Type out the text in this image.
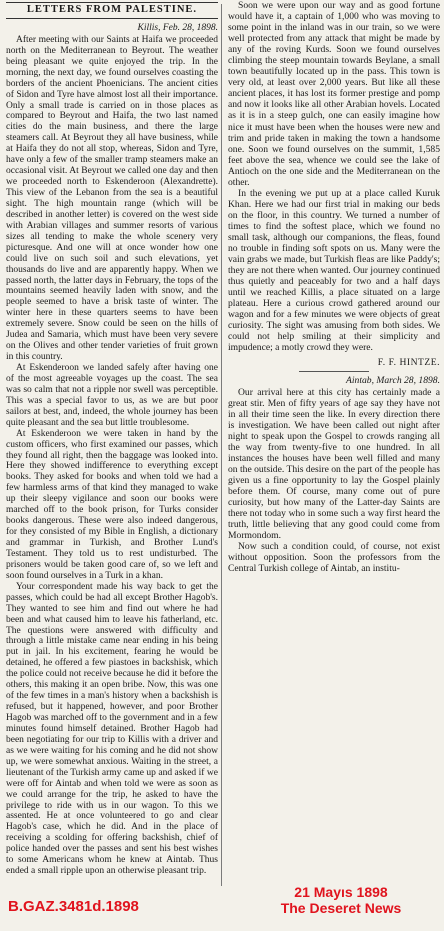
LETTERS FROM PALESTINE.
Killis, Feb. 28, 1898.

After meeting with our Saints at Haifa we proceeded north on the Mediterranean to Beyrout. The weather being pleasant we quite enjoyed the trip. In the morning, the next day, we found ourselves coasting the borders of the ancient Phoenicians. The ancient cities of Sidon and Tyre have almost lost all their importance. Only a small trade is carried on in those places as compared to Beyrout and Haifa, the two last named cities do the main business, and there the large steamers call. At Beyrout they all have business, while at Haifa they do not all stop, whereas, Sidon and Tyre, have only a few of the smaller tramp steamers make an occasional visit. At Beyrout we called one day and then we proceeded north to Eskenderoon (Alexandrette). This view of the Lebanon from the sea is a beautiful sight. The high mountain range (which will be described in another letter) is covered on the west side with Arabian villages and summer resorts of various sizes all tending to make the whole scenery very picturesque. And one will at once wonder how one could live on such soil and such elevations, yet thousands do live and are apparently happy. When we passed north, the latter days in February, the tops of the mountains seemed heavily laden with snow, and the people seemed to have a brisk taste of winter. The winter here in these quarters seems to have been extremely severe. Snow could be seen on the hills of Judea and Samaria, which must have been very severe on the Olives and other tender varieties of fruit grown in this country.

At Eskenderoon we landed safely after having one of the most agreeable voyages up the coast. The sea was so calm that not a ripple nor swell was perceptible. This was a special favor to us, as we are but poor sailors at best, and, indeed, the whole journey has been quite pleasant and the sea but little troublesome.

At Eskenderoon we were taken in hand by the custom officers, who first examined our passes, which they found all right, then the baggage was looked into. Here they showed indifference to everything except books. They asked for books and when told we had a few harmless arms of that kind they managed to wake up their sleepy vigilance and soon our books were marched off to the book prison, for Turks consider books dangerous. These were also indeed dangerous, for they consisted of my Bible in English, a dictionary and grammar in Turkish, and Brother Lund's Testament. They told us to rest undisturbed. The prisoners would be taken good care of, so we left and soon found ourselves in a Turk in a khan.

Your correspondent made his way back to get the passes, which could be had all except Brother Hagob's. They wanted to see him and find out where he had been and what caused him to leave his fatherland, etc. The questions were answered with difficulty and through a little mistake came near ending in his being put in jail. In his excitement, fearing he would be detained, he offered a few piastoes in backshisk, which the police could not receive because he did it before the others, this making it an open bribe. Now, this was one of the few times in a man's history when a backshish is refused, but it happened, however, and poor Brother Hagob was marched off to the government and in a few minutes found himself detained. Brother Hagob had been negotiating for our trip to Killis with a driver and as we were waiting for his coming and he did not show up, we were somewhat anxious. Waiting in the street, a lieutenant of the Turkish army came up and asked if we were off for Aintab and when told we were as soon as we could arrange for the trip, he asked to have the privilege to ride with us in our wagon. To this we assented. He at once volunteered to go and clear Hagob's case, which he did. And in the place of receiving a scolding for offering backshish, chief of police handed over the passes and sent his best wishes to some Americans whom he knew at Aintab. Thus ended a small ripple upon an otherwise pleasant trip.

Soon we were upon our way and as good fortune would have it, a captain of 1,000 who was moving to some point in the inland was in our train, so we were well protected from any attack that might be made by any of the roving Kurds. Soon we found ourselves climbing the steep mountain towards Beylane, a small town beautifully located up in the pass. This town is very old, at least over 2,000 years. But like all these ancient places, it has lost its former prestige and pomp and now it looks like all other Arabian hovels. Located as it is in a steep gulch, one can easily imagine how nice it must have been when the houses were new and trim and pride taken in making the town a handsome one. Soon we found ourselves on the summit, 1,585 feet above the sea, whence we could see the lake of Antioch on the one side and the Mediterranean on the other.

In the evening we put up at a place called Kuruk Khan. Here we had our first trial in making our beds on the floor, in this country. We turned a number of times to find the softest place, which we found no small task, although our companions, the fleas, found no trouble in finding soft spots on us. Many were the vain grabs we made, but Turkish fleas are like Paddy's; they are not there when wanted. Our journey continued thus quietly and peaceably for two and a half days until we reached Killis, a place situated on a large plateau. Here a curious crowd gathered around our wagon and for a few minutes we were objects of great curiosity. The sight was amusing from both sides. We could not help smiling at their simplicity and impudence; a motly crowd they were.

F. F. HINTZE.
Aintab, March 28, 1898.

Our arrival here at this city has certainly made a great stir. Men of fifty years of age say they have not in all their time seen the like. In every direction there is investigation. We have been called out night after night to speak upon the Gospel to crowds ranging all the way from twenty-five to one hundred. In all instances the houses have been well filled and many on the outside. This desire on the part of the people has given us a fine opportunity to lay the Gospel plainly before them. Of course, many come out of pure curiosity, but how many of the Latter-day Saints are there not today who in some such a way first heard the truth, little believing that any good could come from Mormondom.

Now such a condition could, of course, not exist without opposition. Soon the professors from the Central Turkish college of Aintab, an institu-

B.GAZ.3481d.1898
21 Mayıs 1898
The Deseret News
